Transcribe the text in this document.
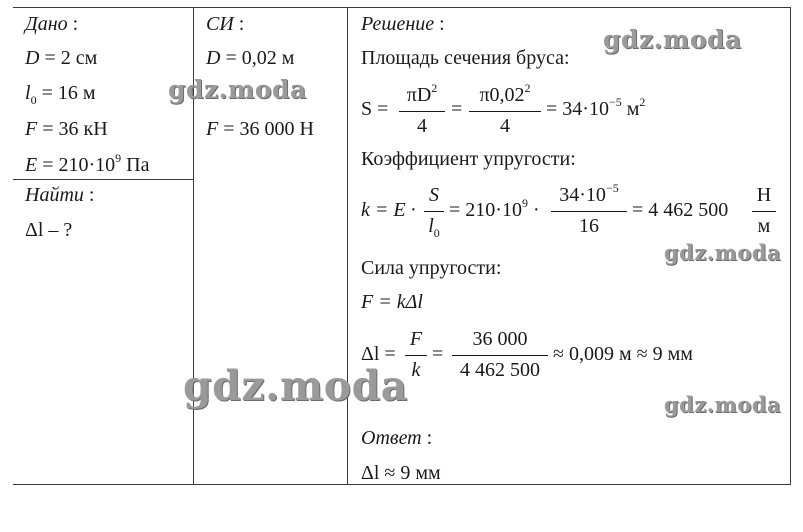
Дано :
D = 2 см
$l_0 = 16$ м
F = 36 кН
$E = 210\cdot 10^9$ Па
Найти :
Δl – ?
СИ :
D = 0,02 м
F = 36 000 Н
Решение :
Площадь сечения бруса:
S =
$\pi D^2$
4
=
$\pi 0,02^2$
4
= $34\cdot 10^{-5}$ $м^2$
Коэффициент упругости:
k = E ·
S
$l_0$
= $210\cdot 10^9$ ·
$34\cdot 10^{-5}$
16
= 4 462 500
Н
м
Сила упругости:
F = kΔl
Δl =
F
k
=
36 000
4 462 500
≈ 0,009 м ≈ 9 мм
Ответ :
Δl ≈ 9 мм
gdz.moda
gdz.moda
gdz.moda
gdz.moda	gdz.moda
